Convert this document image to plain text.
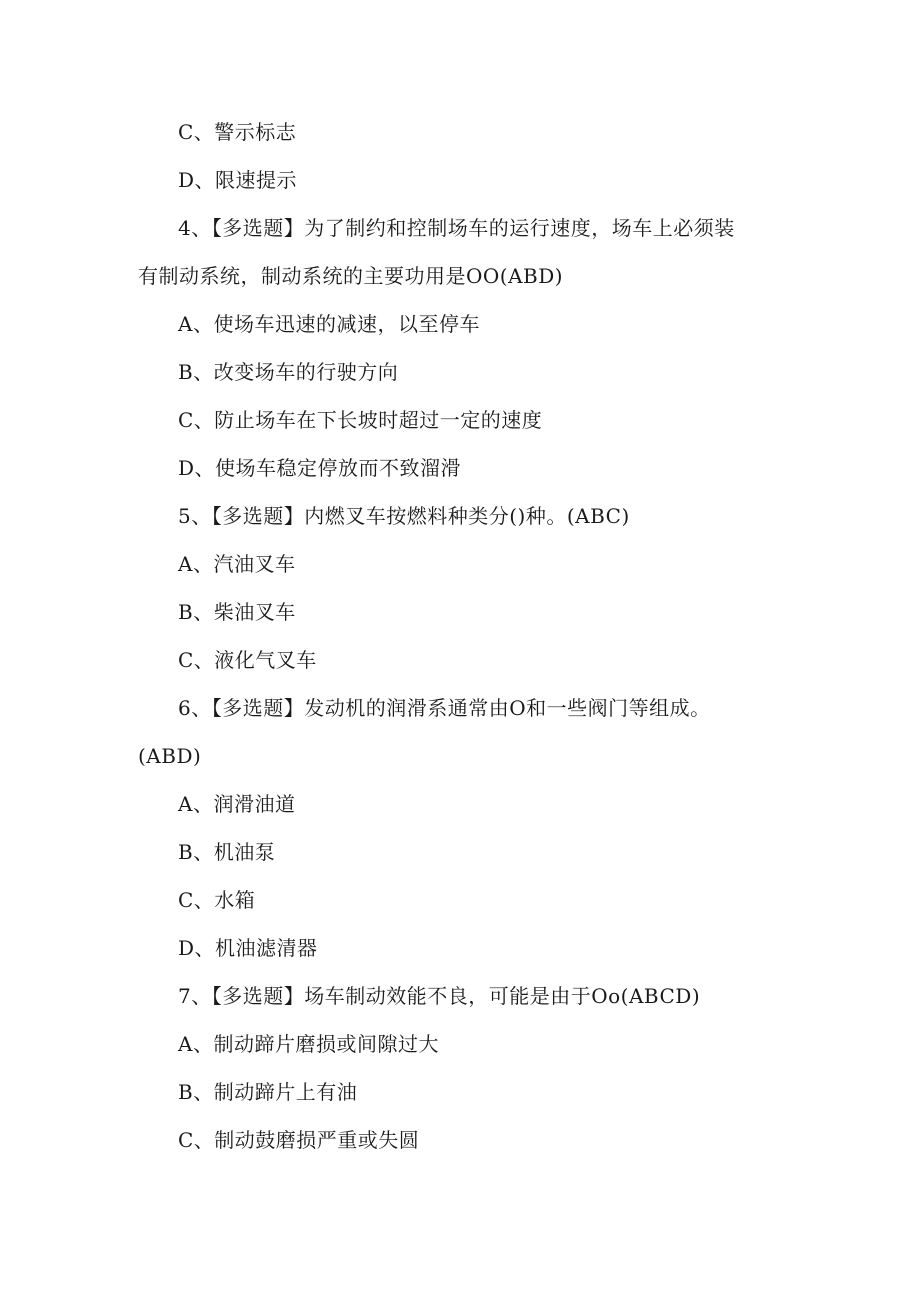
C、警示标志
D、限速提示
4、【多选题】为了制约和控制场车的运行速度，场车上必须装
有制动系统，制动系统的主要功用是OO(ABD)
A、使场车迅速的减速，以至停车
B、改变场车的行驶方向
C、防止场车在下长坡时超过一定的速度
D、使场车稳定停放而不致溜滑
5、【多选题】内燃叉车按燃料种类分()种。(ABC)
A、汽油叉车
B、柴油叉车
C、液化气叉车
6、【多选题】发动机的润滑系通常由O和一些阀门等组成。
(ABD)
A、润滑油道
B、机油泵
C、水箱
D、机油滤清器
7、【多选题】场车制动效能不良，可能是由于Oo(ABCD)
A、制动蹄片磨损或间隙过大
B、制动蹄片上有油
C、制动鼓磨损严重或失圆
